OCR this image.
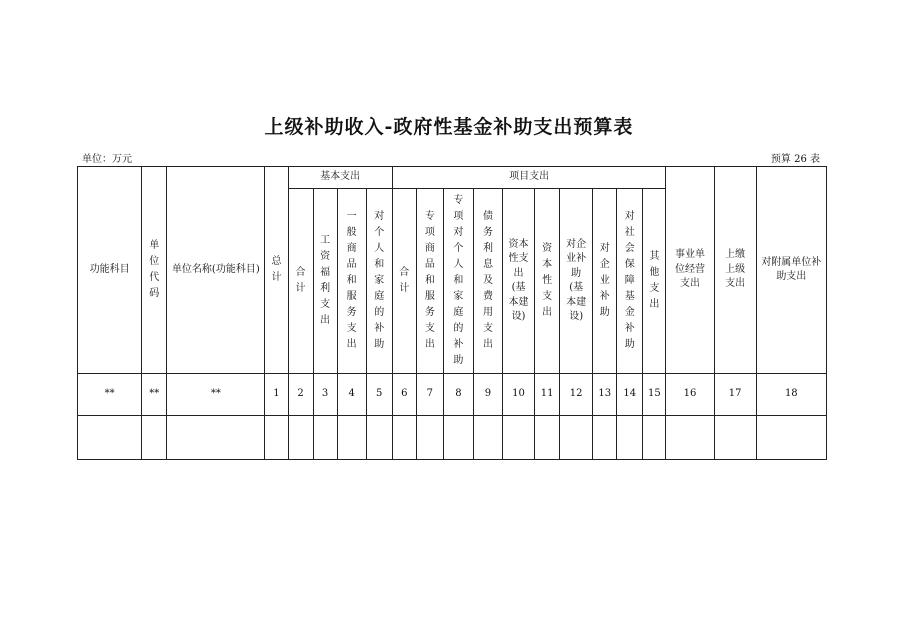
上级补助收入-政府性基金补助支出预算表
单位：万元	预算 26 表
功能科目	单位代码	单位名称(功能科目)	总计	基本支出				项目支出										事业单位经营支出	上缴上级支出	对附属单位补助支出
				合计	工资福利支出	一般商品和服务支出	对个人和家庭的补助	合计	专项商品和服务支出	专项对个人和家庭的补助	债务利息及费用支出	资本性支出(基本建设)	资本性支出	对企业补助(基本建设)	对企业补助	对社会保障基金补助	其他支出			
**	**	**	1	2	3	4	5	6	7	8	9	10	11	12	13	14	15	16	17	18
